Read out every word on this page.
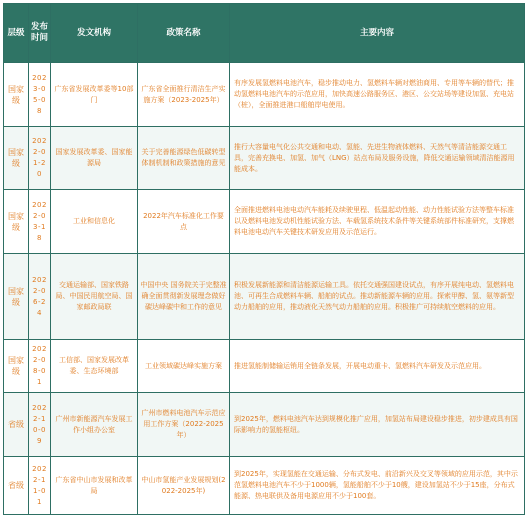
层级	发布时间	发文机构	政策名称	主要内容
国家级	2023-05-08	广东省发展改革委等10部门	广东省全面推行清洁生产实施方案（2023-2025年）	有序发展氢燃料电池汽车，稳步推动电力、氢燃料车辆对燃油商用、专用等车辆的替代；推动氢燃料电池汽车的示范应用，加快高速公路服务区、港区、公交站场等建设加氢、充电站（桩），全面推进港口船舶岸电使用。
国家级	2022-01-20	国家发展改革委、国家能源局	关于完善能源绿色低碳转型体制机制和政策措施的意见	推行大容量电气化公共交通和电动、氢能、先进生物液体燃料、天然气等清洁能源交通工具，完善充换电、加氢、加气（LNG）站点布局及服务设施，降低交通运输领域清洁能源用能成本。
国家级	2022-03-18	工业和信息化	2022年汽车标准化工作要点	全面推进燃料电池电动汽车能耗及续驶里程、低温起动性能、动力性能试验方法等整车标准以及燃料电池发动机性能试验方法、车载氢系统技术条件等关键系统部件标准研究，支撑燃料电池电动汽车关键技术研发应用及示范运行。
国家级	2022-06-24	交通运输部、国家铁路局、中国民用航空局、国家邮政局联	中国中央 国务院关于完整准确全面贯彻新发展理念做好碳达峰碳中和工作的意见	积极发展新能源和清洁能源运输工具。依托交通强国建设试点，有序开展纯电动、氢燃料电池、可再生合成燃料车辆、船舶的试点。推动新能源车辆的应用。探索甲醇、氢、氨等新型动力船舶的应用，推动液化天然气动力船舶的应用。积极推广可持续航空燃料的应用。
国家级	2022-08-01	工信部、国家发展改革委、生态环境部	工业领域碳达峰实施方案	推进氢能制储输运销用全链条发展，开展电动重卡、氢燃料汽车研发及示范应用。
省级	2022-10-09	广州市新能源汽车发展工作小组办公室	广州市燃料电池汽车示范应用工作方案（2022-2025年）	到2025年，燃料电池汽车达到规模化推广应用，加氢站布局建设稳步推进，初步建成具有国际影响力的氢能枢纽。
省级	2022-11-01	广东省中山市发展和改革局	中山市氢能产业发展规划(2022-2025年)	到2025年，实现氢能在交通运输、分布式发电、前沿新兴及交叉等领域的应用示范，其中示范氢燃料电池汽车不少于1000辆，氢能船舶不少于10艘，建设加氢站不少于15座，分布式能源、热电联供及备用电源应用不少于100套。
